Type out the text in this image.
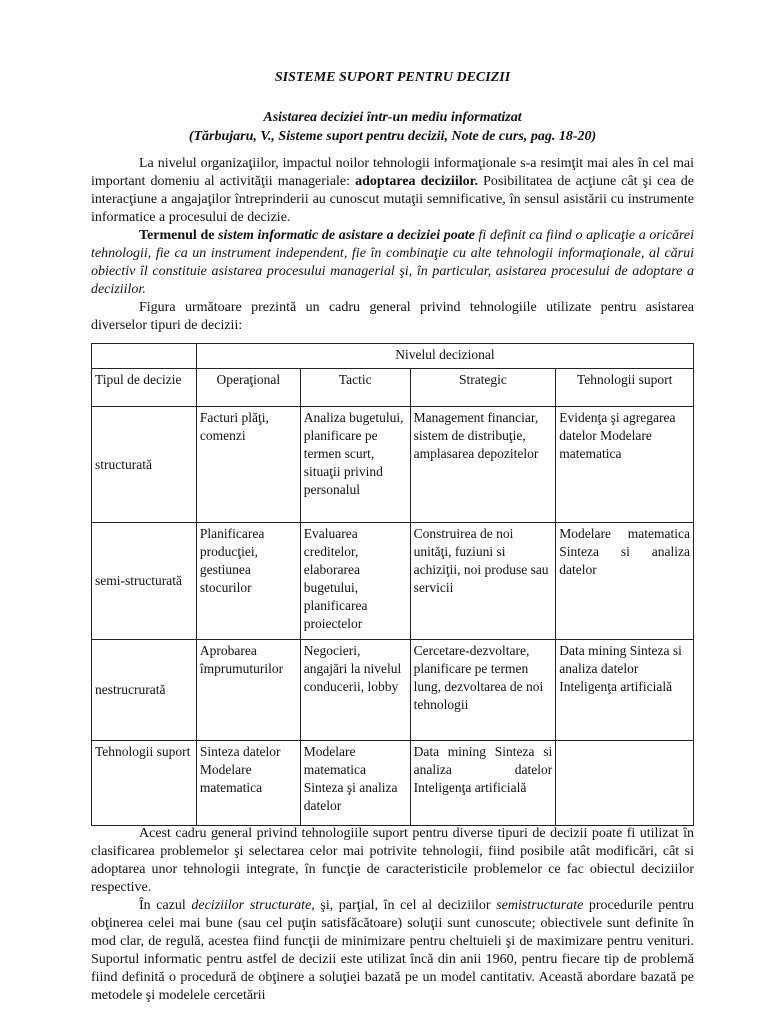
SISTEME SUPORT PENTRU DECIZII
Asistarea deciziei într-un mediu informatizat
(Tărbujaru, V., Sisteme suport pentru decizii, Note de curs, pag. 18-20)

La nivelul organizaţiilor, impactul noilor tehnologii informaţionale s-a resimţit mai ales în cel mai important domeniu al activităţii manageriale: adoptarea deciziilor. Posibilitatea de acţiune cât şi cea de interacţiune a angajaţilor întreprinderii au cunoscut mutaţii semnificative, în sensul asistării cu instrumente informatice a procesului de decizie.

Termenul de sistem informatic de asistare a deciziei poate fi definit ca fiind o aplicaţie a oricărei tehnologii, fie ca un instrument independent, fie în combinaţie cu alte tehnologii informaţionale, al cărui obiectiv îl constituie asistarea procesului managerial şi, în particular, asistarea procesului de adoptare a deciziilor.

Figura următoare prezintă un cadru general privind tehnologiile utilizate pentru asistarea diverselor tipuri de decizii:

	Nivelul decizional			
Tipul de decizie	Operaţional	Tactic	Strategic	Tehnologii suport
structurată	Facturi plăţi, comenzi	Analiza bugetului, planificare pe termen scurt, situaţii privind personalul	Management financiar, sistem de distribuţie, amplasarea depozitelor	Evidenţa şi agregarea datelor Modelare matematica
semi-structurată	Planificarea producţiei, gestiunea stocurilor	Evaluarea creditelor, elaborarea bugetului, planificarea proiectelor	Construirea de noi unităţi, fuziuni si achiziţii, noi produse sau servicii	Modelare matematica Sinteza si analiza datelor
nestrucrurată	Aprobarea împrumuturilor	Negocieri, angajări la nivelul conducerii, lobby	Cercetare-dezvoltare, planificare pe termen lung, dezvoltarea de noi tehnologii	Data mining Sinteza si analiza datelor Inteligenţa artificială
Tehnologii suport	Sinteza datelor Modelare matematica	Modelare matematica Sinteza şi analiza datelor	Data mining Sinteza si analiza datelor Inteligenţa artificială	

Acest cadru general privind tehnologiile suport pentru diverse tipuri de decizii poate fi utilizat în clasificarea problemelor şi selectarea celor mai potrivite tehnologii, fiind posibile atât modificări, cât si adoptarea unor tehnologii integrate, în funcţie de caracteristicile problemelor ce fac obiectul deciziilor respective.

În cazul deciziilor structurate, şi, parţial, în cel al deciziilor semistructurate procedurile pentru obţinerea celei mai bune (sau cel puţin satisfăcătoare) soluţii sunt cunoscute; obiectivele sunt definite în mod clar, de regulă, acestea fiind funcţii de minimizare pentru cheltuieli şi de maximizare pentru venituri. Suportul informatic pentru astfel de decizii este utilizat încă din anii 1960, pentru fiecare tip de problemă fiind definită o procedură de obţinere a soluţiei bazată pe un model cantitativ. Această abordare bazată pe metodele şi modelele cercetării
